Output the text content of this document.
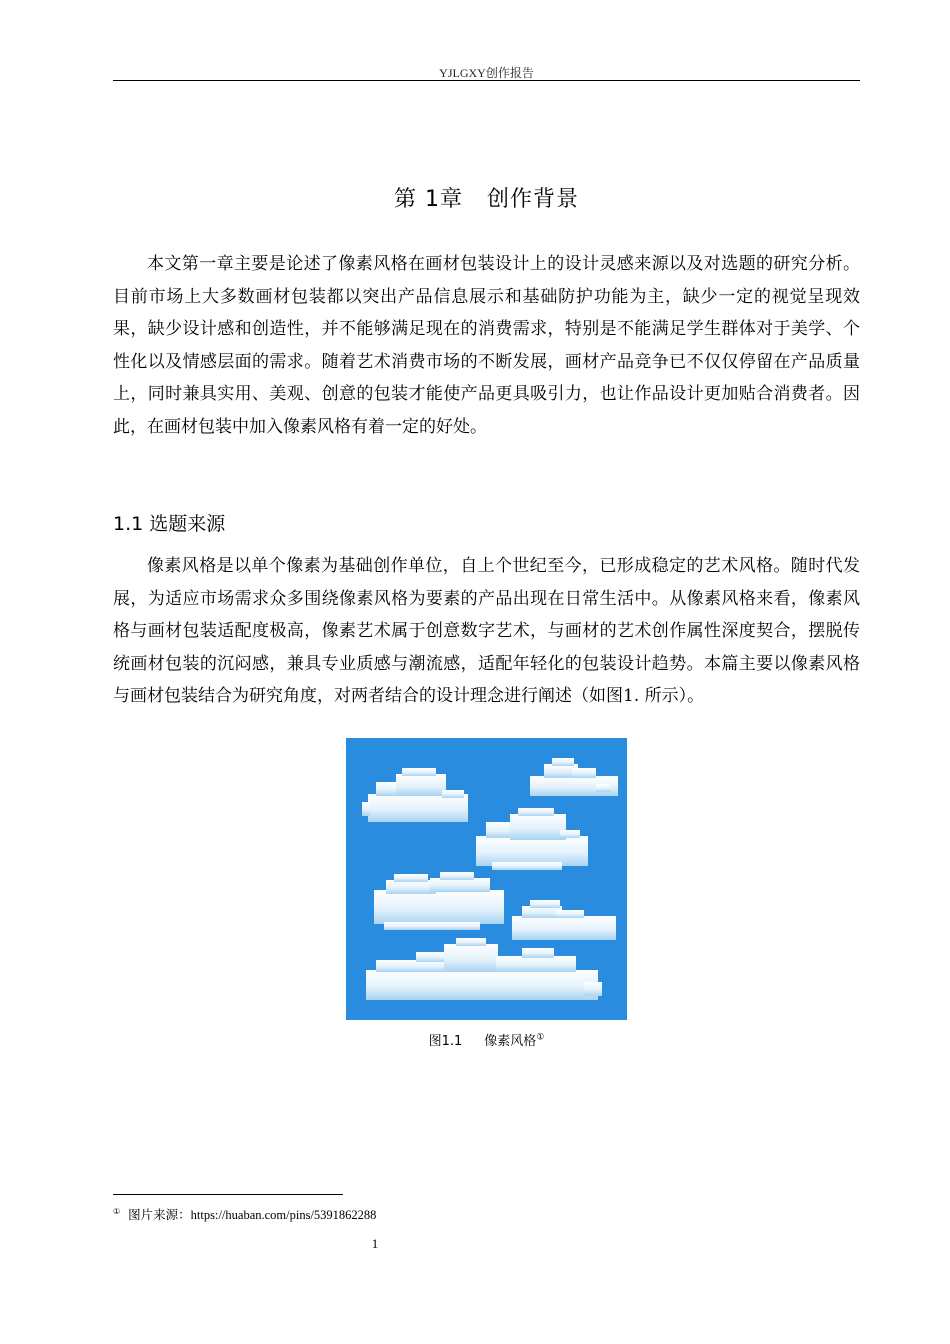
YJLGXY创作报告
第 1章 创作背景

本文第一章主要是论述了像素风格在画材包装设计上的设计灵感来源以及对选题的研究分析。目前市场上大多数画材包装都以突出产品信息展示和基础防护功能为主，缺少一定的视觉呈现效果，缺少设计感和创造性，并不能够满足现在的消费需求，特别是不能满足学生群体对于美学、个性化以及情感层面的需求。随着艺术消费市场的不断发展，画材产品竞争已不仅仅停留在产品质量上，同时兼具实用、美观、创意的包装才能使产品更具吸引力，也让作品设计更加贴合消费者。因此，在画材包装中加入像素风格有着一定的好处。

1.1 选题来源

像素风格是以单个像素为基础创作单位，自上个世纪至今，已形成稳定的艺术风格。随时代发展，为适应市场需求众多围绕像素风格为要素的产品出现在日常生活中。从像素风格来看，像素风格与画材包装适配度极高，像素艺术属于创意数字艺术，与画材的艺术创作属性深度契合，摆脱传统画材包装的沉闷感，兼具专业质感与潮流感，适配年轻化的包装设计趋势。本篇主要以像素风格与画材包装结合为研究角度，对两者结合的设计理念进行阐述（如图1. 所示）。

图1.1 像素风格①
① 图片来源：https://huaban.com/pins/5391862288
1
